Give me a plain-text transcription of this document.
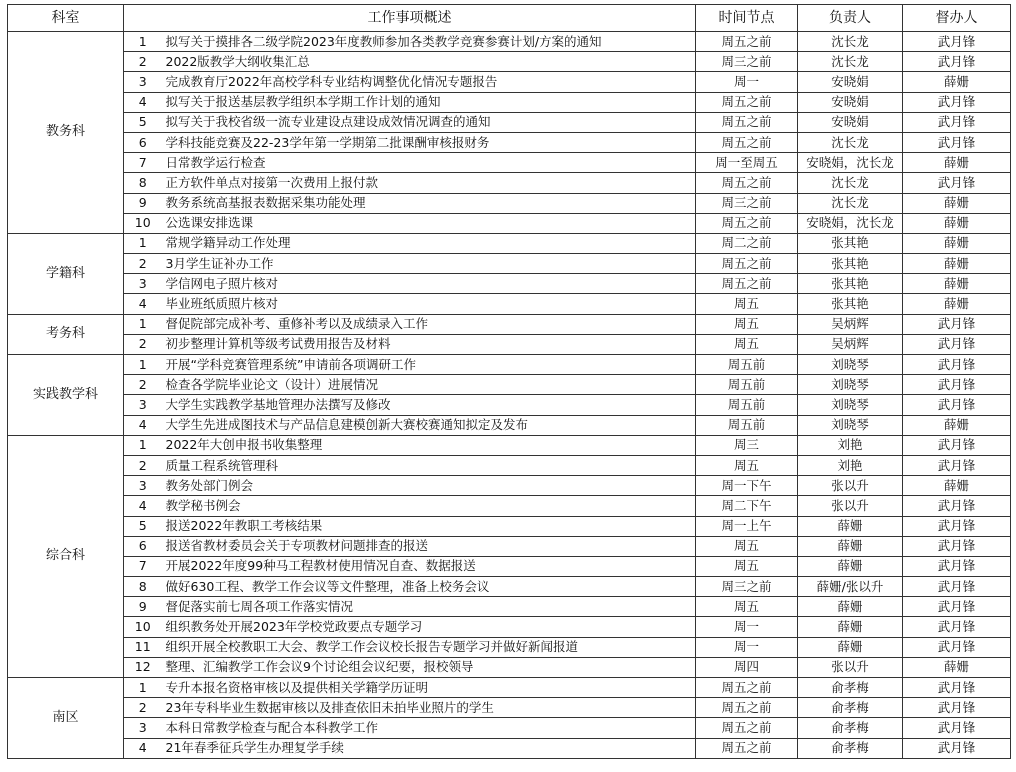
科室	工作事项概述		时间节点	负责人	督办人
教务科	1	拟写关于摸排各二级学院2023年度教师参加各类教学竞赛参赛计划/方案的通知	周五之前	沈长龙	武月锋
	2	2022版教学大纲收集汇总	周三之前	沈长龙	武月锋
	3	完成教育厅2022年高校学科专业结构调整优化情况专题报告	周一	安晓娟	薛姗
	4	拟写关于报送基层教学组织本学期工作计划的通知	周五之前	安晓娟	武月锋
	5	拟写关于我校省级一流专业建设点建设成效情况调查的通知	周五之前	安晓娟	武月锋
	6	学科技能竞赛及22-23学年第一学期第二批课酬审核报财务	周五之前	沈长龙	武月锋
	7	日常教学运行检查	周一至周五	安晓娟，沈长龙	薛姗
	8	正方软件单点对接第一次费用上报付款	周五之前	沈长龙	武月锋
	9	教务系统高基报表数据采集功能处理	周三之前	沈长龙	薛姗
	10	公选课安排选课	周五之前	安晓娟，沈长龙	薛姗
学籍科	1	常规学籍异动工作处理	周二之前	张其艳	薛姗
	2	3月学生证补办工作	周五之前	张其艳	薛姗
	3	学信网电子照片核对	周五之前	张其艳	薛姗
	4	毕业班纸质照片核对	周五	张其艳	薛姗
考务科	1	督促院部完成补考、重修补考以及成绩录入工作	周五	吴炳辉	武月锋
	2	初步整理计算机等级考试费用报告及材料	周五	吴炳辉	武月锋
实践教学科	1	开展“学科竞赛管理系统”申请前各项调研工作	周五前	刘晓琴	武月锋
	2	检查各学院毕业论文（设计）进展情况	周五前	刘晓琴	武月锋
	3	大学生实践教学基地管理办法撰写及修改	周五前	刘晓琴	武月锋
	4	大学生先进成图技术与产品信息建模创新大赛校赛通知拟定及发布	周五前	刘晓琴	薛姗
综合科	1	2022年大创申报书收集整理	周三	刘艳	武月锋
	2	质量工程系统管理科	周五	刘艳	武月锋
	3	教务处部门例会	周一下午	张以升	薛姗
	4	教学秘书例会	周二下午	张以升	武月锋
	5	报送2022年教职工考核结果	周一上午	薛姗	武月锋
	6	报送省教材委员会关于专项教材问题排查的报送	周五	薛姗	武月锋
	7	开展2022年度99种马工程教材使用情况自查、数据报送	周五	薛姗	武月锋
	8	做好630工程、教学工作会议等文件整理，准备上校务会议	周三之前	薛姗/张以升	武月锋
	9	督促落实前七周各项工作落实情况	周五	薛姗	武月锋
	10	组织教务处开展2023年学校党政要点专题学习	周一	薛姗	武月锋
	11	组织开展全校教职工大会、教学工作会议校长报告专题学习并做好新闻报道	周一	薛姗	武月锋
	12	整理、汇编教学工作会议9个讨论组会议纪要，报校领导	周四	张以升	薛姗
南区	1	专升本报名资格审核以及提供相关学籍学历证明	周五之前	俞孝梅	武月锋
	2	23年专科毕业生数据审核以及排查依旧未拍毕业照片的学生	周五之前	俞孝梅	武月锋
	3	本科日常教学检查与配合本科教学工作	周五之前	俞孝梅	武月锋
	4	21年春季征兵学生办理复学手续	周五之前	俞孝梅	武月锋
